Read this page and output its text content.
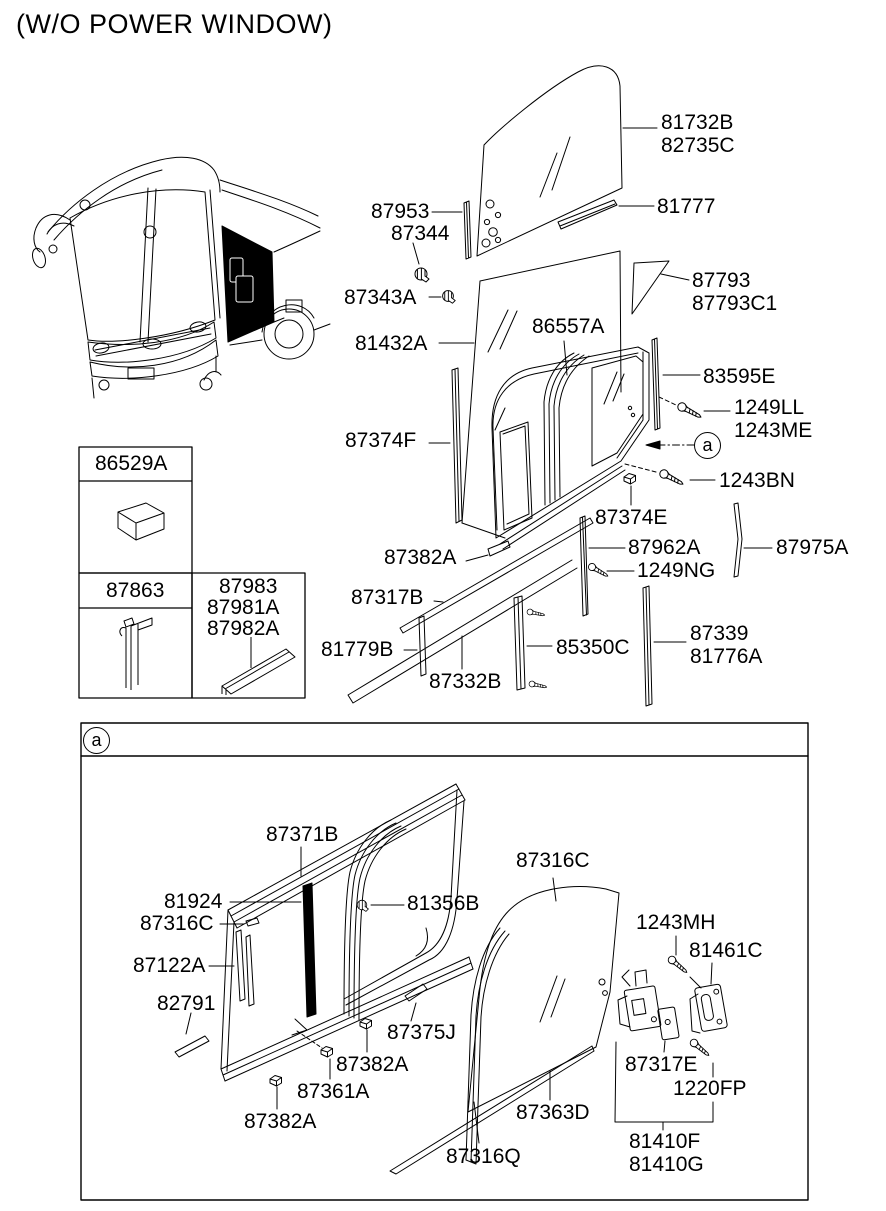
(W/O POWER WINDOW)
81732B
82735C
81777
87953
87344
87343A
87793
87793C1
81432A
86557A
83595E
1249LL
1243ME
1243BN
87374E
87374F
87382A	87962A
1249NG
87975A
87317B
81779B
87332B
85350C
87339
81776A
86529A
87863	87983
87981A
87982A
87371B
81924
87316C
87122A
82791
81356B
87316C
1243MH
81461C
87375J
87382A
87361A
87382A
87316Q
87363D
87317E
1220FP
81410F
81410G
a
a
